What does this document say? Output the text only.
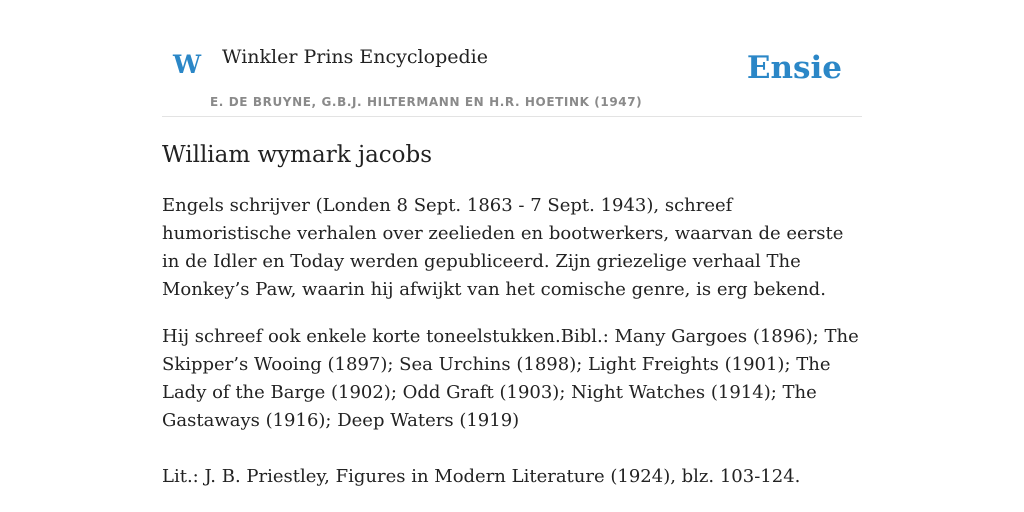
W Winkler Prins Encyclopedie
E. DE BRUYNE, G.B.J. HILTERMANN EN H.R. HOETINK (1947)
Ensie
William wymark jacobs

Engels schrijver (Londen 8 Sept. 1863 - 7 Sept. 1943), schreef humoristische verhalen over zeelieden en bootwerkers, waarvan de eerste in de Idler en Today werden gepubliceerd. Zijn griezelige verhaal The Monkey’s Paw, waarin hij afwijkt van het comische genre, is erg bekend.

Hij schreef ook enkele korte toneelstukken.Bibl.: Many Gargoes (1896); The Skipper’s Wooing (1897); Sea Urchins (1898); Light Freights (1901); The Lady of the Barge (1902); Odd Graft (1903); Night Watches (1914); The Gastaways (1916); Deep Waters (1919)

Lit.: J. B. Priestley, Figures in Modern Literature (1924), blz. 103-124.
